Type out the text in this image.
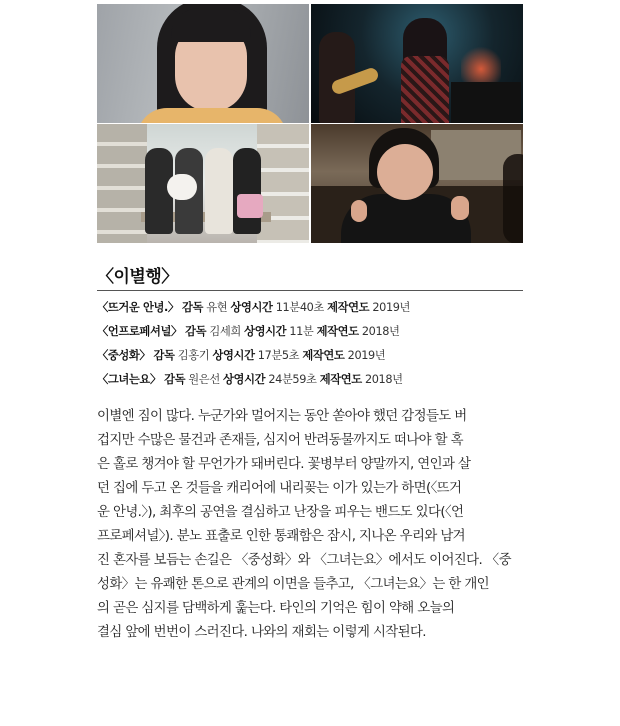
〈이별행〉
〈뜨거운 안녕.〉 감독 유현 상영시간 11분40초 제작연도 2019년
〈언프로페셔널〉 감독 김세희 상영시간 11분 제작연도 2018년
〈중성화〉 감독 김홍기 상영시간 17분5초 제작연도 2019년
〈그녀는요〉 감독 원은선 상영시간 24분59초 제작연도 2018년

이별엔 짐이 많다. 누군가와 멀어지는 동안 쏟아야 했던 감정들도 버
겁지만 수많은 물건과 존재들, 심지어 반려동물까지도 떠나야 할 혹
은 홀로 챙겨야 할 무언가가 돼버린다. 꽃병부터 양말까지, 연인과 살
던 집에 두고 온 것들을 캐리어에 내리꽂는 이가 있는가 하면(〈뜨거
운 안녕.〉), 최후의 공연을 결심하고 난장을 피우는 밴드도 있다(〈언
프로페셔널〉). 분노 표출로 인한 통쾌함은 잠시, 지나온 우리와 남겨
진 혼자를 보듬는 손길은 〈중성화〉와 〈그녀는요〉에서도 이어진다. 〈중
성화〉는 유쾌한 톤으로 관계의 이면을 들추고, 〈그녀는요〉는 한 개인
의 곧은 심지를 담백하게 훑는다. 타인의 기억은 힘이 약해 오늘의
결심 앞에 번번이 스러진다. 나와의 재회는 이렇게 시작된다.
